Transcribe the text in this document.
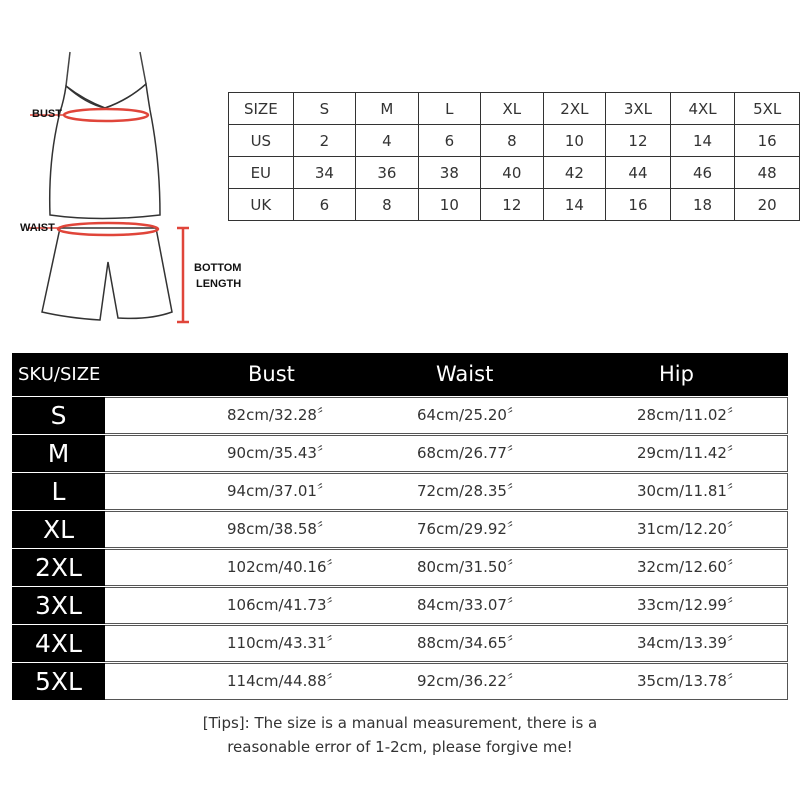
BUST
WAIST
BOTTOM
LENGTH
SIZE	S	M	L	XL	2XL	3XL	4XL	5XL
US	2	4	6	8	10	12	14	16
EU	34	36	38	40	42	44	46	48
UK	6	8	10	12	14	16	18	20
SKU/SIZE	Bust	Waist	Hip
S	82cm/32.28〞	64cm/25.20〞	28cm/11.02〞
M	90cm/35.43〞	68cm/26.77〞	29cm/11.42〞
L	94cm/37.01〞	72cm/28.35〞	30cm/11.81〞
XL	98cm/38.58〞	76cm/29.92〞	31cm/12.20〞
2XL	102cm/40.16〞	80cm/31.50〞	32cm/12.60〞
3XL	106cm/41.73〞	84cm/33.07〞	33cm/12.99〞
4XL	110cm/43.31〞	88cm/34.65〞	34cm/13.39〞
5XL	114cm/44.88〞	92cm/36.22〞	35cm/13.78〞
[Tips]: The size is a manual measurement, there is a
reasonable error of 1-2cm, please forgive me!
